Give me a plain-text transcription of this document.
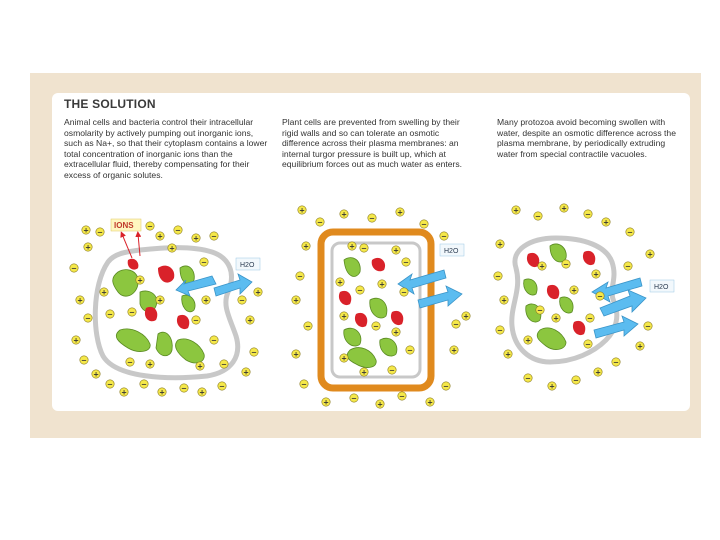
THE SOLUTION

Animal cells and bacteria control their intracellular osmolarity by actively pumping out inorganic ions, such as Na+, so that their cytoplasm contains a lower total concentration of inorganic ions than the extracellular fluid, thereby compensating for their excess of organic solutes.

Plant cells are prevented from swelling by their rigid walls and so can tolerate an osmotic difference across their plasma membranes: an internal turgor pressure is built up, which at equilibrium forces out as much water as enters.

Many protozoa avoid becoming swollen with water, despite an osmotic difference across the plasma membrane, by periodically extruding water from special contractile vacuoles.

IONS
H2O
H2O
H2O
+ −
+
−
+
−
+
−
+
−
+
−
+ − +
−
+
−
+
−
+
−
+
−
+
−
+
−
+
−
+
−
+
−
+
−
+
−	+	−
+
−
+	−
+
−
+
−
+
−
+
−
+	−
+
−
+
−
+
−
+
−
+ −	+
−
+
−
+
−
+
−
+
−
+
−
+
+
−
+
−
+
−
+
−
+
−
+
−
+
−
+
−
+
−
+
−
+	−
+
−
+
−
+
−
+
−
